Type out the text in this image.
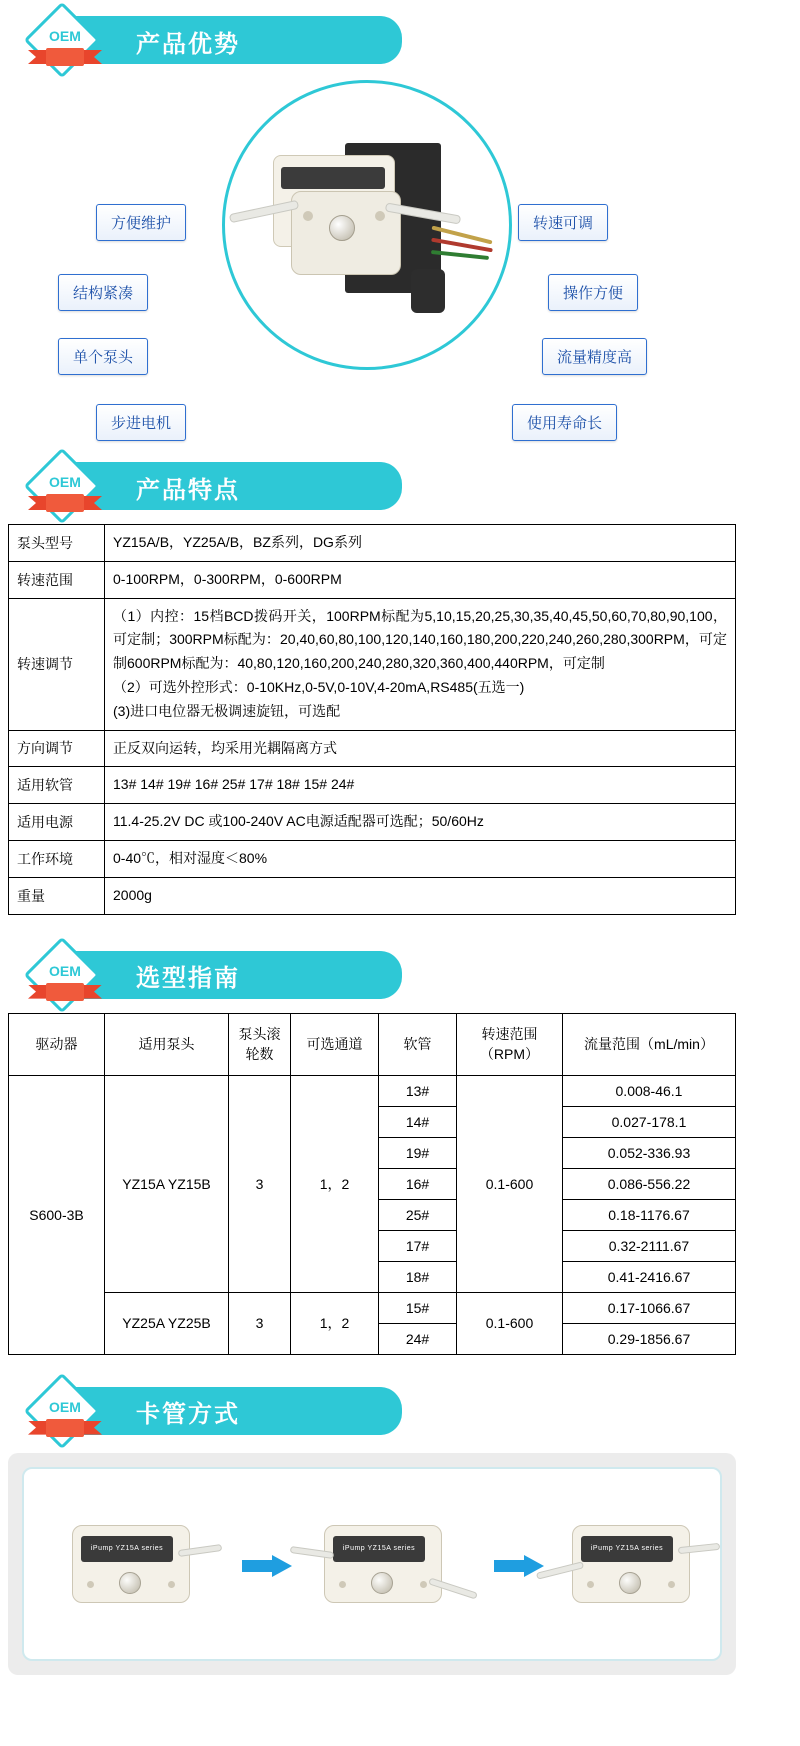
OEM	产品优势
方便维护
结构紧凑
单个泵头
步进电机
转速可调
操作方便
流量精度高
使用寿命长
OEM	产品特点
泵头型号	YZ15A/B，YZ25A/B，BZ系列，DG系列
转速范围	0-100RPM，0-300RPM，0-600RPM
转速调节	（1）内控：15档BCD拨码开关，100RPM标配为5,10,15,20,25,30,35,40,45,50,60,70,80,90,100，可定制；300RPM标配为：20,40,60,80,100,120,140,160,180,200,220,240,260,280,300RPM，可定制600RPM标配为：40,80,120,160,200,240,280,320,360,400,440RPM，可定制
（2）可选外控形式：0-10KHz,0-5V,0-10V,4-20mA,RS485(五选一)
(3)进口电位器无极调速旋钮，可选配

方向调节	正反双向运转，均采用光耦隔离方式
适用软管	13# 14# 19# 16# 25# 17# 18# 15# 24#
适用电源	11.4-25.2V DC 或100-240V AC电源适配器可选配；50/60Hz
工作环境	0-40℃，相对湿度＜80%
重量	2000g
OEM	选型指南
驱动器	适用泵头	泵头滚轮数	可选通道	软管	转速范围（RPM）	流量范围（mL/min）
S600-3B	YZ15A YZ15B	3	1，2	13#	0.1-600	0.008-46.1
				14#		0.027-178.1
				19#		0.052-336.93
				16#		0.086-556.22
				25#		0.18-1176.67
				17#		0.32-2111.67
				18#		0.41-2416.67
	YZ25A YZ25B	3	1，2	15#	0.1-600	0.17-1066.67
				24#		0.29-1856.67
OEM	卡管方式
iPump YZ15A series	iPump YZ15A series	iPump YZ15A series
